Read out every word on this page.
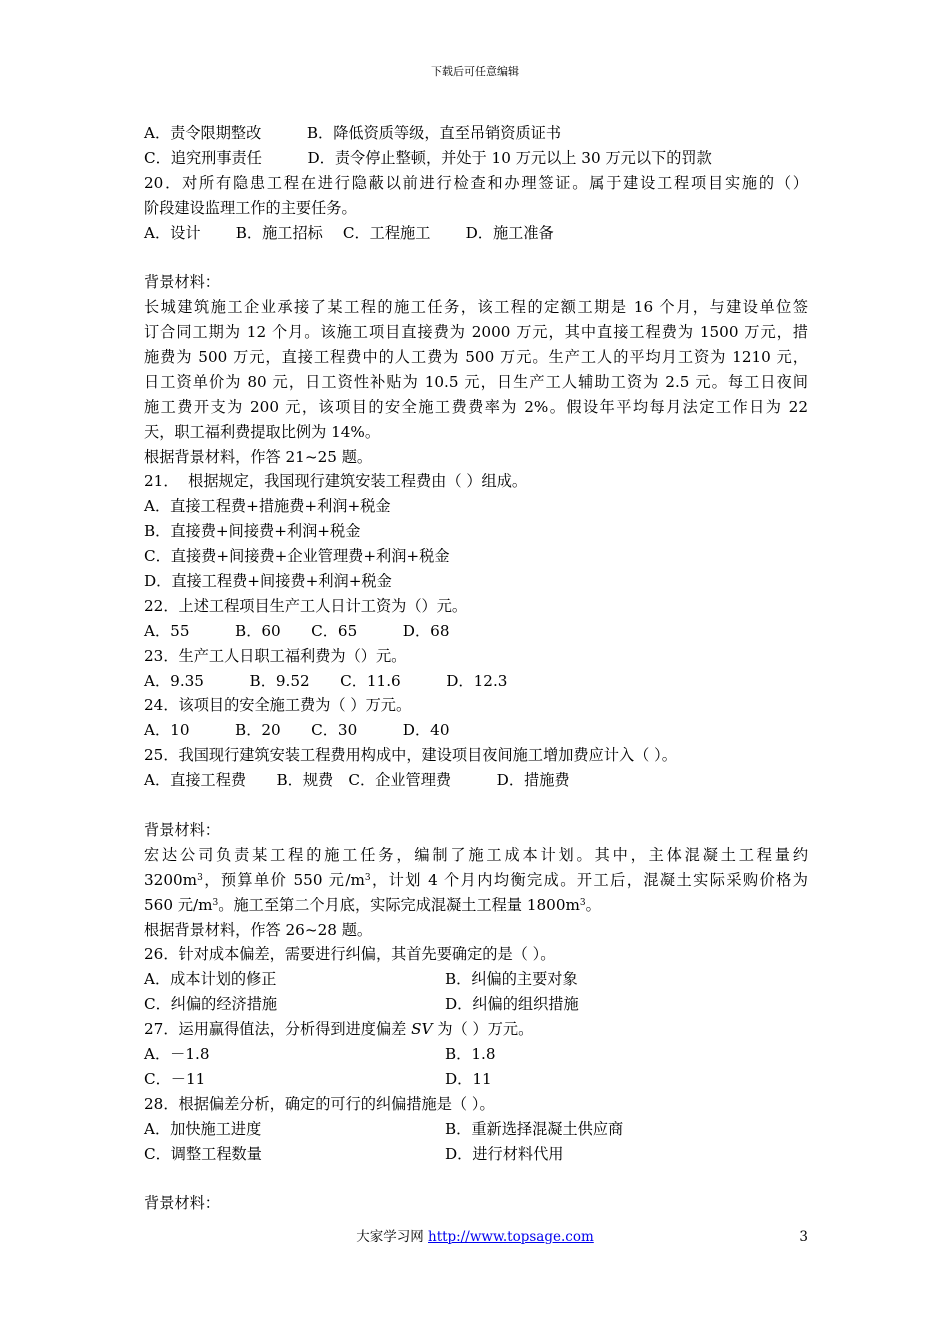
下载后可任意编辑
A．责令限期整改　　　B．降低资质等级，直至吊销资质证书
C．追究刑事责任　　　D．责令停止整顿，并处于 10 万元以上 30 万元以下的罚款
20．对所有隐患工程在进行隐蔽以前进行检查和办理签证。属于建设工程项目实施的（）
阶段建设监理工作的主要任务。
A．设计　　 B．施工招标　 C．工程施工　　 D．施工准备
背景材料：
长城建筑施工企业承接了某工程的施工任务，该工程的定额工期是 16 个月，与建设单位签
订合同工期为 12 个月。该施工项目直接费为 2000 万元，其中直接工程费为 1500 万元，措
施费为 500 万元，直接工程费中的人工费为 500 万元。生产工人的平均月工资为 1210 元，
日工资单价为 80 元，日工资性补贴为 10.5 元，日生产工人辅助工资为 2.5 元。每工日夜间
施工费开支为 200 元，该项目的安全施工费费率为 2%。假设年平均每月法定工作日为 22
天，职工福利费提取比例为 14%。
根据背景材料，作答 21~25 题。
21．  根据规定，我国现行建筑安装工程费由（ ）组成。
A．直接工程费+措施费+利润+税金
B．直接费+间接费+利润+税金
C．直接费+间接费+企业管理费+利润+税金
D．直接工程费+间接费+利润+税金
22．上述工程项目生产工人日计工资为（）元。
A．55　　　B．60　　C．65　　　D．68
23．生产工人日职工福利费为（）元。
A．9.35　　　B．9.52　　C．11.6　　　D．12.3
24．该项目的安全施工费为（ ）万元。
A．10　　　B．20　　C．30　　　D．40
25．我国现行建筑安装工程费用构成中，建设项目夜间施工增加费应计入（ ）。
A．直接工程费　　B．规费　C．企业管理费　　　D．措施费
背景材料：
宏达公司负责某工程的施工任务，编制了施工成本计划。其中，主体混凝土工程量约
$3200m^3$，预算单价 550 元$/m^3$，计划 4 个月内均衡完成。开工后，混凝土实际采购价格为
560 元$/m^3$。施工至第二个月底，实际完成混凝土工程量 $1800m^3$。
根据背景材料，作答 26~28 题。
26．针对成本偏差，需要进行纠偏，其首先要确定的是（ ）。
A．成本计划的修正	B．纠偏的主要对象
C．纠偏的经济措施	D．纠偏的组织措施
27．运用赢得值法，分析得到进度偏差 SV 为（ ）万元。
A．－1.8	B．1.8
C．－11	D．11
28．根据偏差分析，确定的可行的纠偏措施是（ ）。
A．加快施工进度	B．重新选择混凝土供应商
C．调整工程数量	D．进行材料代用
背景材料：
大家学习网 http://www.topsage.com	3
